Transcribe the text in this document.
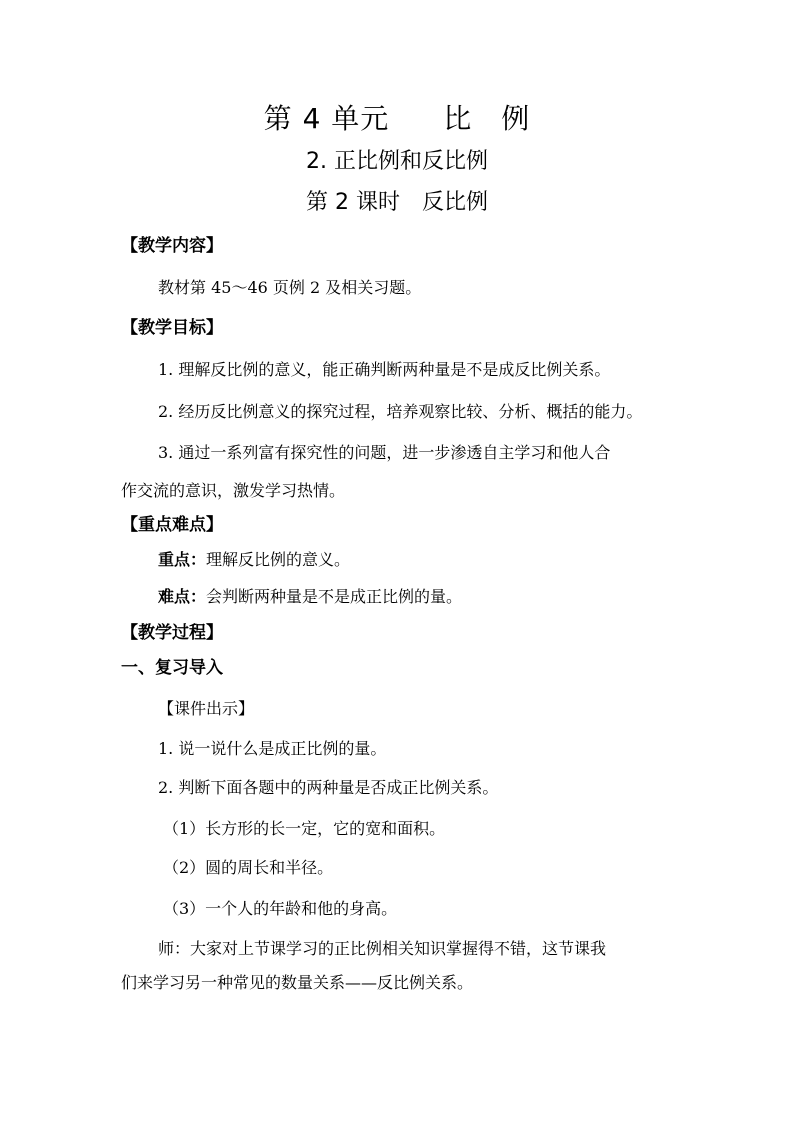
第 4 单元 比　例
2. 正比例和反比例
第 2 课时　反比例
【教学内容】
教材第 45～46 页例 2 及相关习题。
【教学目标】
1. 理解反比例的意义，能正确判断两种量是不是成反比例关系。
2. 经历反比例意义的探究过程，培养观察比较、分析、概括的能力。
3. 通过一系列富有探究性的问题，进一步渗透自主学习和他人合
作交流的意识，激发学习热情。
【重点难点】
重点：理解反比例的意义。
难点：会判断两种量是不是成正比例的量。
【教学过程】
一、复习导入
【课件出示】
1. 说一说什么是成正比例的量。
2. 判断下面各题中的两种量是否成正比例关系。
（1）长方形的长一定，它的宽和面积。
（2）圆的周长和半径。
（3）一个人的年龄和他的身高。
师：大家对上节课学习的正比例相关知识掌握得不错，这节课我
们来学习另一种常见的数量关系——反比例关系。
